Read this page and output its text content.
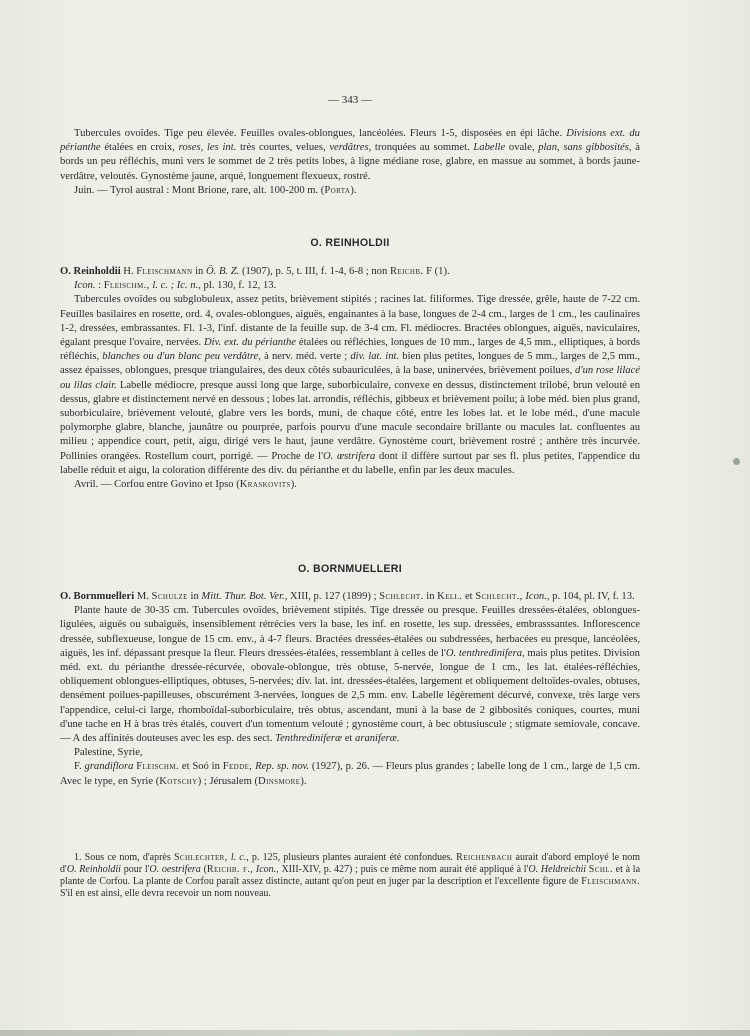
— 343 —

Tubercules ovoïdes. Tige peu élevée. Feuilles ovales-oblongues, lancéolées. Fleurs 1-5, disposées en épi lâche. Divisions ext. du périanthe étalées en croix, roses, les int. très courtes, velues, verdâtres, tronquées au sommet. Labelle ovale, plan, sans gibbosités, à bords un peu réfléchis, muni vers le sommet de 2 très petits lobes, à ligne médiane rose, glabre, en massue au sommet, à bords jaune-verdâtre, veloutés. Gynostème jaune, arqué, longuement flexueux, rostré.

Juin. — Tyrol austral : Mont Brione, rare, alt. 100-200 m. (Porta).

O. REINHOLDII

O. Reinholdii H. Fleischmann in Ö. B. Z. (1907), p. 5, t. III, f. 1-4, 6-8 ; non Reichb. F (1).

Icon. : Fleischm., l. c. ; Ic. n., pl. 130, f. 12, 13.

Tubercules ovoïdes ou subglobuleux, assez petits, brièvement stipités ; racines lat. filiformes. Tige dressée, grêle, haute de 7-22 cm. Feuilles basilaires en rosette, ord. 4, ovales-oblongues, aiguës, engainantes à la base, longues de 2-4 cm., larges de 1 cm., les caulinaires 1-2, dressées, embrassantes. Fl. 1-3, l'inf. distante de la feuille sup. de 3-4 cm. Fl. médiocres. Bractées oblongues, aiguës, naviculaires, égalant presque l'ovaire, nervées. Div. ext. du périanthe étalées ou réfléchies, longues de 10 mm., larges de 4,5 mm., elliptiques, à bords réfléchis, blanches ou d'un blanc peu verdâtre, à nerv. méd. verte ; div. lat. int. bien plus petites, longues de 5 mm., larges de 2,5 mm., assez épaisses, oblongues, presque triangulaires, des deux côtés subauriculées, à la base, uninervées, brièvement poilues, d'un rose lilacé ou lilas clair. Labelle médiocre, presque aussi long que large, suborbiculaire, convexe en dessus, distinctement trilobé, brun velouté en dessus, glabre et distinctement nervé en dessous ; lobes lat. arrondis, réfléchis, gibbeux et brièvement poilu; à lobe méd. bien plus grand, suborbiculaire, brièvement velouté, glabre vers les bords, muni, de chaque côté, entre les lobes lat. et le lobe méd., d'une macule polymorphe glabre, blanche, jaunâtre ou pourprée, parfois pourvu d'une macule secondaire brillante ou macules lat. confluentes au milieu ; appendice court, petit, aigu, dirigé vers le haut, jaune verdâtre. Gynostème court, brièvement rostré ; anthère très incurvée. Pollinies orangées. Rostellum court, porrigé. — Proche de l'O. œstrifera dont il diffère surtout par ses fl. plus petites, l'appendice du labelle réduit et aigu, la coloration différente des div. du périanthe et du labelle, enfin par les deux macules.

Avril. — Corfou entre Govino et Ipso (Kraskovits).

O. BORNMUELLERI

O. Bornmuelleri M. Schulze in Mitt. Thur. Bot. Ver., XIII, p. 127 (1899) ; Schlecht. in Kell. et Schlecht., Icon., p. 104, pl. IV, f. 13.

Plante haute de 30-35 cm. Tubercules ovoïdes, brièvement stipités. Tige dressée ou presque. Feuilles dressées-étalées, oblongues-ligulées, aiguës ou subaiguës, insensiblement rétrécies vers la base, les inf. en rosette, les sup. dressées, embrasssantes. Inflorescence dressée, subflexueuse, longue de 15 cm. env., à 4-7 fleurs. Bractées dressées-étalées ou subdressées, herbacées eu presque, lancéolées, aiguës, les inf. dépassant presque la fleur. Fleurs dressées-étalées, ressemblant à celles de l'O. tenthredinifera, mais plus petites. Division méd. ext. du périanthe dressée-récurvée, obovale-oblongue, très obtuse, 5-nervée, longue de 1 cm., les lat. étalées-réfléchies, obliquement oblongues-elliptiques, obtuses, 5-nervées; div. lat. int. dressées-étalées, largement et obliquement deltoïdes-ovales, obtuses, densément poilues-papilleuses, obscurément 3-nervées, longues de 2,5 mm. env. Labelle légèrement décurvé, convexe, très large vers l'appendice, celui-ci large, rhomboïdal-suborbiculaire, très obtus, ascendant, muni à la base de 2 gibbosités coniques, courtes, muni d'une tache en H à bras très étalés, couvert d'un tomentum velouté ; gynostème court, à bec obtusiuscule ; stigmate semiovale, concave. — A des affinités douteuses avec les esp. des sect. Tenthrediniferæ et araniferæ.

Palestine, Syrie,

F. grandiflora Fleischm. et Soó in Fedde, Rep. sp. nov. (1927), p. 26. — Fleurs plus grandes ; labelle long de 1 cm., large de 1,5 cm. Avec le type, en Syrie (Kotschy) ; Jérusalem (Dinsmore).

1. Sous ce nom, d'après Schlechter, l. c., p. 125, plusieurs plantes auraient été confondues. Reichenbach aurait d'abord employé le nom d'O. Reinholdii pour l'O. oestrifera (Reichb. f., Icon., XIII-XIV, p. 427) ; puis ce même nom aurait été appliqué à l'O. Heldreichii Schl. et à la plante de Corfou. La plante de Corfou paraît assez distincte, autant qu'on peut en juger par la description et l'excellente figure de Fleischmann. S'il en est ainsi, elle devra recevoir un nom nouveau.
